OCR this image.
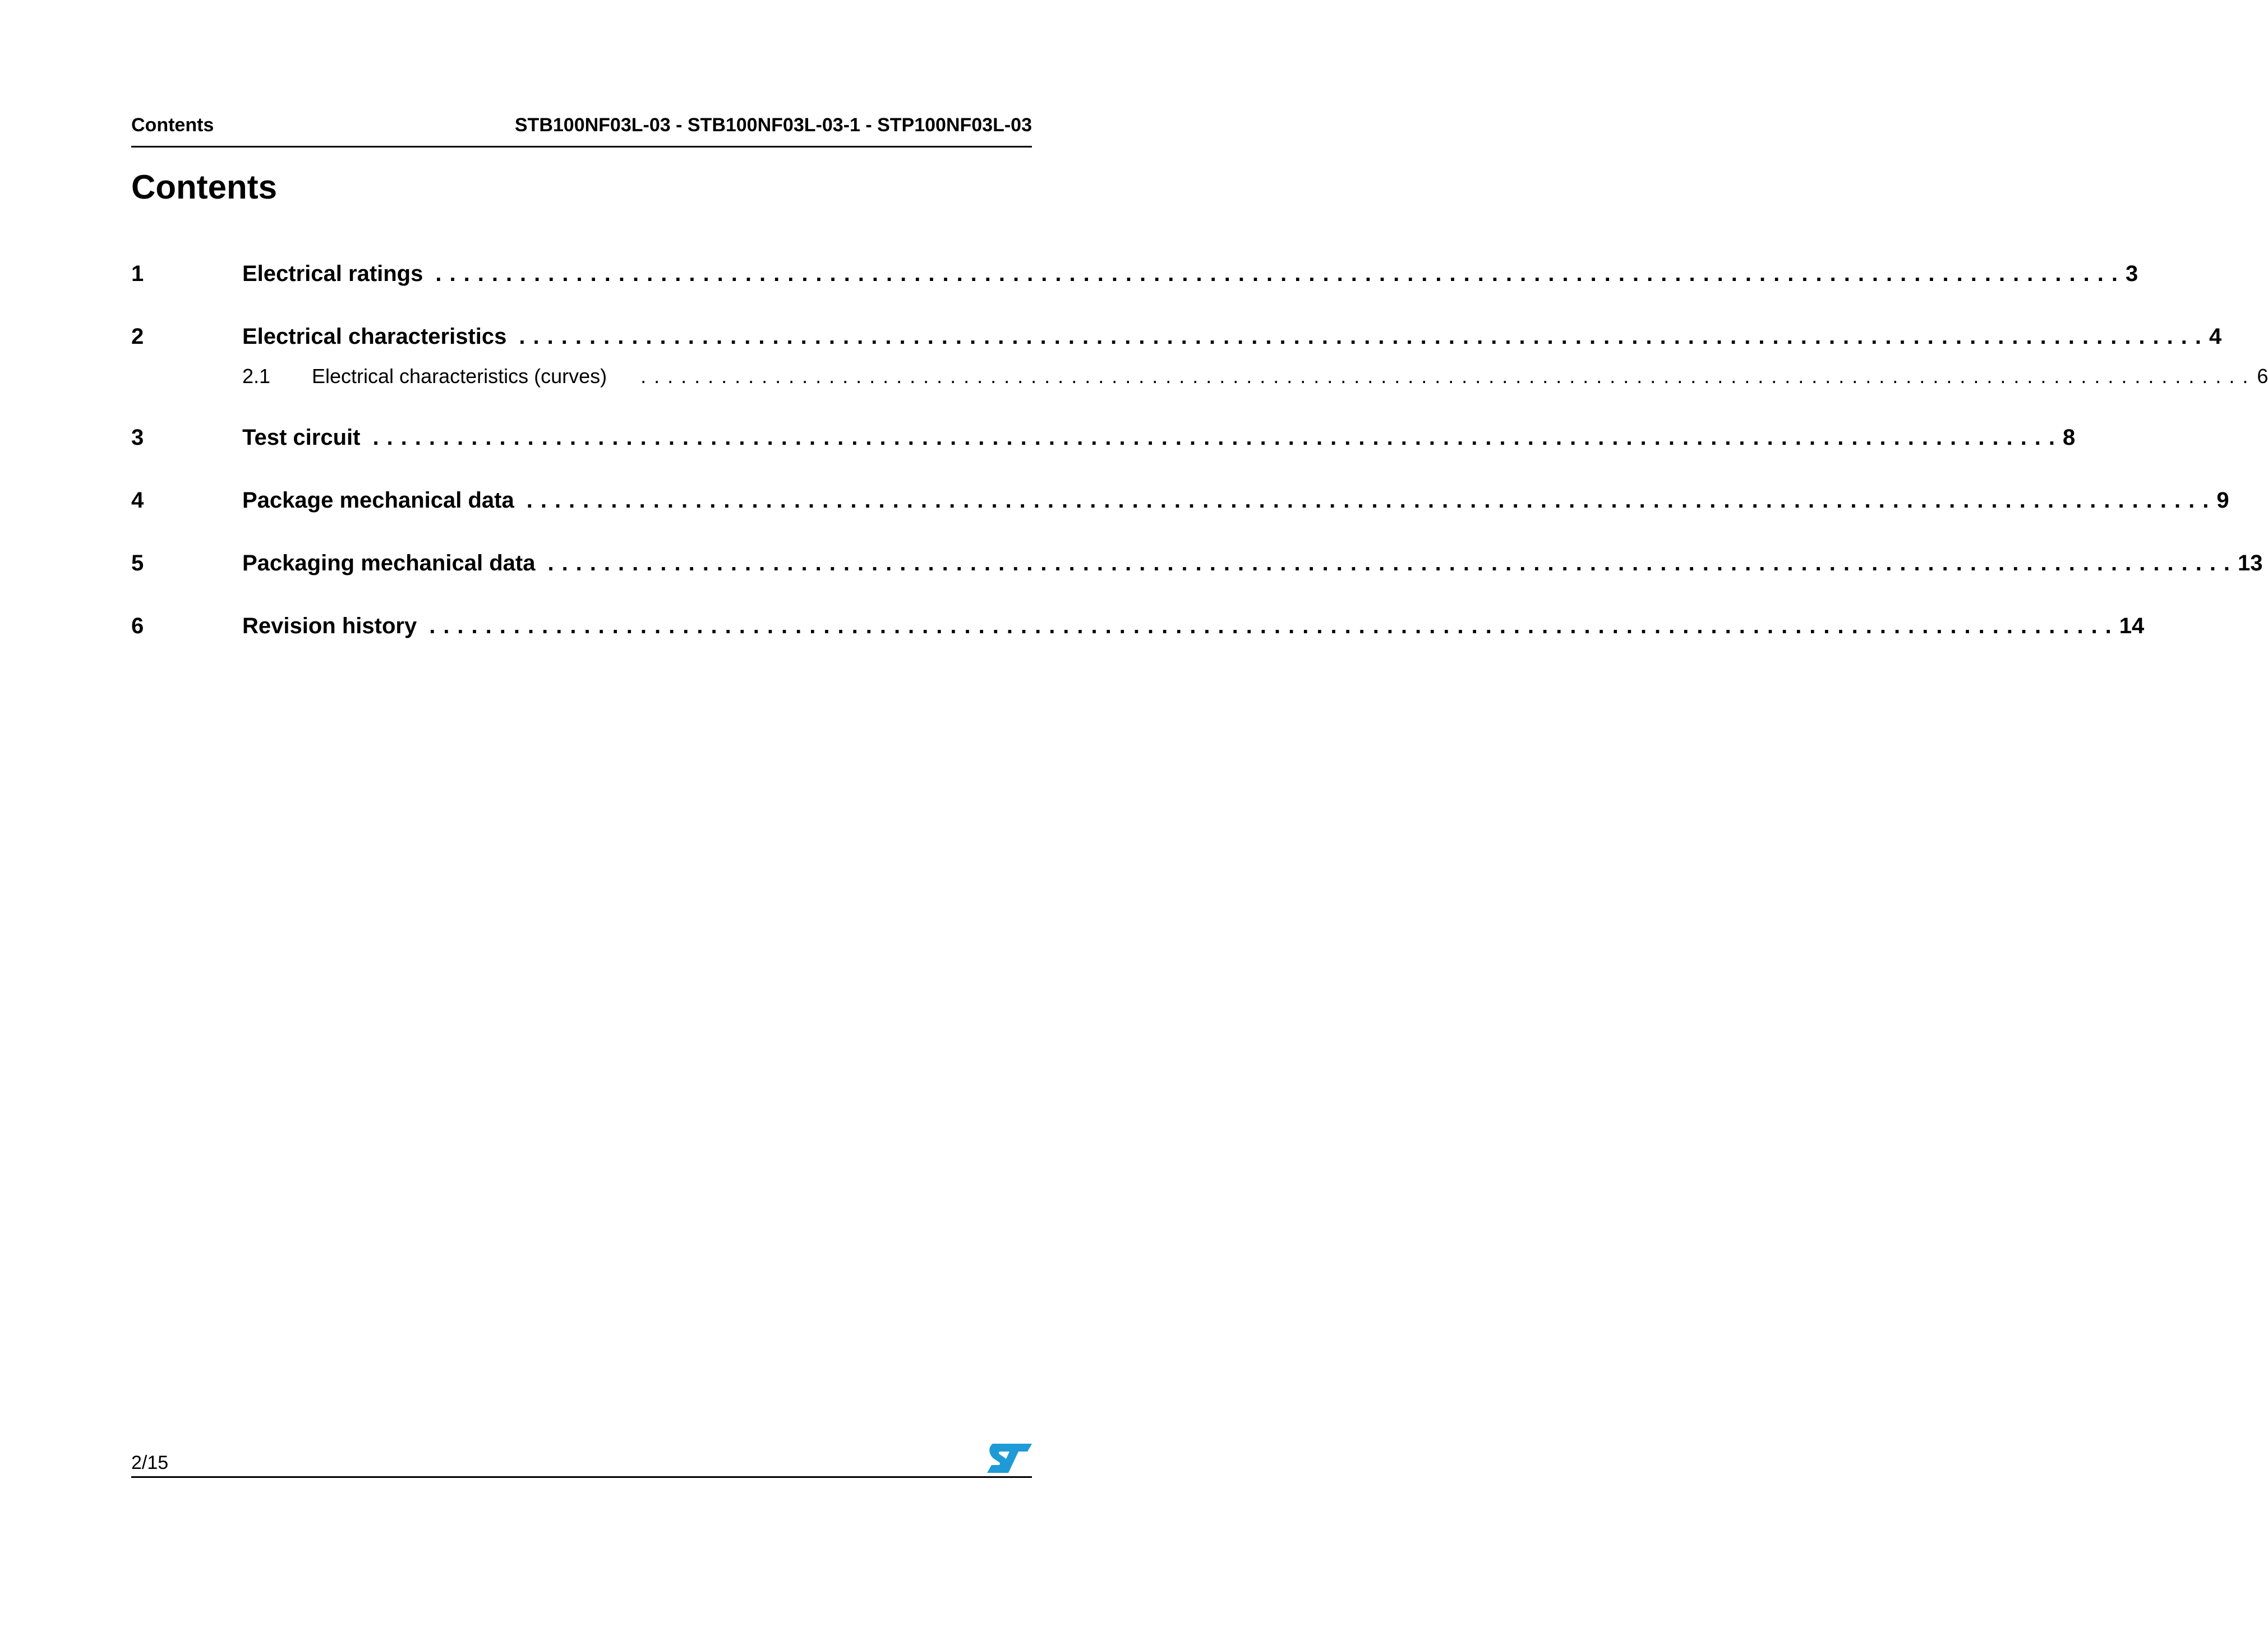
Contents	STB100NF03L-03 - STB100NF03L-03-1 - STP100NF03L-03
Contents
1	Electrical ratings ........................................................................................................................ 3
2	Electrical characteristics ........................................................................................................................ 4
2.1	Electrical characteristics (curves)	........................................................................................................................ 6
3	Test circuit ........................................................................................................................ 8
4	Package mechanical data ........................................................................................................................ 9
5	Packaging mechanical data ........................................................................................................................ 13
6	Revision history ........................................................................................................................ 14
2/15
